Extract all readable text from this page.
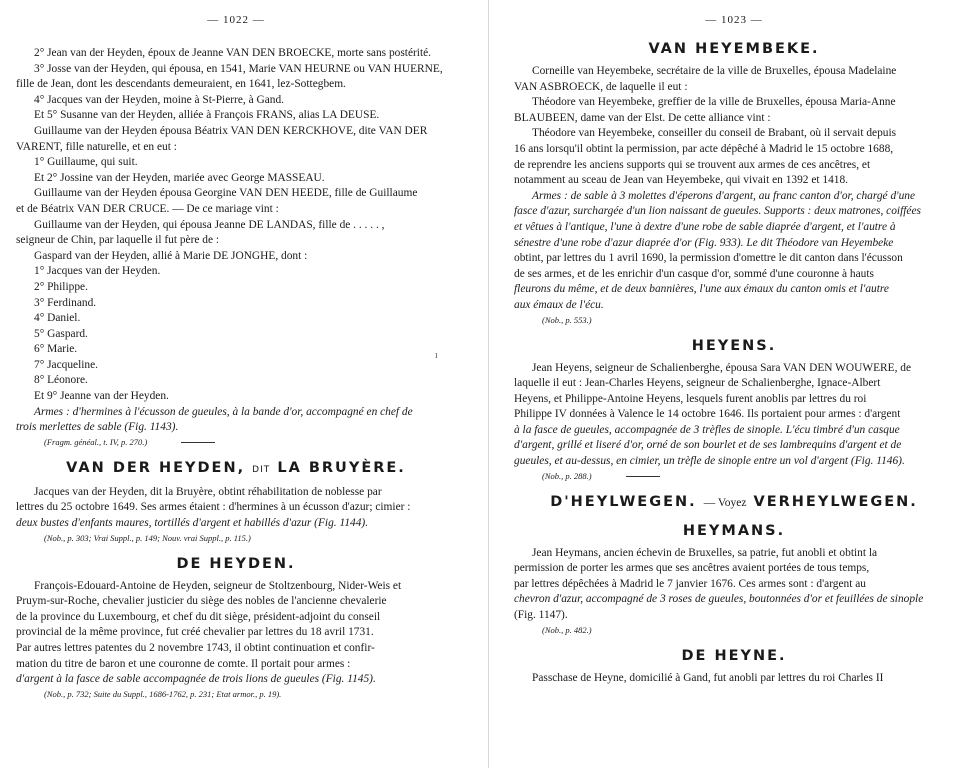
— 1022 —

2° Jean van der Heyden, époux de Jeanne VAN DEN BROECKE, morte sans postérité.

3° Josse van der Heyden, qui épousa, en 1541, Marie VAN HEURNE ou VAN HUERNE,

fille de Jean, dont les descendants demeuraient, en 1641, lez-Sottegbem.

4° Jacques van der Heyden, moine à St-Pierre, à Gand.

Et 5° Susanne van der Heyden, alliée à François FRANS, alias LA DEUSE.

Guillaume van der Heyden épousa Béatrix VAN DEN KERCKHOVE, dite VAN DER

VARENT, fille naturelle, et en eut :

1° Guillaume, qui suit.

Et 2° Jossine van der Heyden, mariée avec George MASSEAU.

Guillaume van der Heyden épousa Georgine VAN DEN HEEDE, fille de Guillaume

et de Béatrix VAN DER CRUCE. — De ce mariage vint :

Guillaume van der Heyden, qui épousa Jeanne DE LANDAS, fille de . . . . . ,

seigneur de Chin, par laquelle il fut père de :

Gaspard van der Heyden, allié à Marie DE JONGHE, dont :

1° Jacques van der Heyden.

2° Philippe.

3° Ferdinand.

4° Daniel.

5° Gaspard.

6° Marie.

7° Jacqueline.

8° Léonore.

Et 9° Jeanne van der Heyden.

Armes : d'hermines à l'écusson de gueules, à la bande d'or, accompagné en chef de

trois merlettes de sable (Fig. 1143).

(Fragm. généal., t. IV, p. 270.)
VAN DER HEYDEN, DIT LA BRUYÈRE.

Jacques van der Heyden, dit la Bruyère, obtint réhabilitation de noblesse par

lettres du 25 octobre 1649. Ses armes étaient : d'hermines à un écusson d'azur; cimier :

deux bustes d'enfants maures, tortillés d'argent et habillés d'azur (Fig. 1144).

(Nob., p. 303; Vrai Suppl., p. 149; Nouv. vrai Suppl., p. 115.)
DE HEYDEN.

François-Edouard-Antoine de Heyden, seigneur de Stoltzenbourg, Nider-Weis et

Pruym-sur-Roche, chevalier justicier du siège des nobles de l'ancienne chevalerie

de la province du Luxembourg, et chef du dit siège, président-adjoint du conseil

provincial de la même province, fut créé chevalier par lettres du 18 avril 1731.

Par autres lettres patentes du 2 novembre 1743, il obtint continuation et confir-

mation du titre de baron et une couronne de comte. Il portait pour armes :

d'argent à la fasce de sable accompagnée de trois lions de gueules (Fig. 1145).

(Nob., p. 732; Suite du Suppl., 1686-1762, p. 231; Etat armor., p. 19).
ı
— 1023 —
VAN HEYEMBEKE.

Corneille van Heyembeke, secrétaire de la ville de Bruxelles, épousa Madelaine

VAN ASBROECK, de laquelle il eut :

Théodore van Heyembeke, greffier de la ville de Bruxelles, épousa Maria-Anne

BLAUBEEN, dame van der Elst. De cette alliance vint :

Théodore van Heyembeke, conseiller du conseil de Brabant, où il servait depuis

16 ans lorsqu'il obtint la permission, par acte dépêché à Madrid le 15 octobre 1688,

de reprendre les anciens supports qui se trouvent aux armes de ces ancêtres, et

notamment au sceau de Jean van Heyembeke, qui vivait en 1392 et 1418.

Armes : de sable à 3 molettes d'éperons d'argent, au franc canton d'or, chargé d'une

fasce d'azur, surchargée d'un lion naissant de gueules. Supports : deux matrones, coiffées

et vêtues à l'antique, l'une à dextre d'une robe de sable diaprée d'argent, et l'autre à

sénestre d'une robe d'azur diaprée d'or (Fig. 933). Le dit Théodore van Heyembeke

obtint, par lettres du 1 avril 1690, la permission d'omettre le dit canton dans l'écusson

de ses armes, et de les enrichir d'un casque d'or, sommé d'une couronne à hauts

fleurons du même, et de deux bannières, l'une aux émaux du canton omis et l'autre

aux émaux de l'écu.

(Nob., p. 553.)
HEYENS.

Jean Heyens, seigneur de Schalienberghe, épousa Sara VAN DEN WOUWERE, de

laquelle il eut : Jean-Charles Heyens, seigneur de Schalienberghe, Ignace-Albert

Heyens, et Philippe-Antoine Heyens, lesquels furent anoblis par lettres du roi

Philippe IV données à Valence le 14 octobre 1646. Ils portaient pour armes : d'argent

à la fasce de gueules, accompagnée de 3 trèfles de sinople. L'écu timbré d'un casque

d'argent, grillé et liseré d'or, orné de son bourlet et de ses lambrequins d'argent et de

gueules, et au-dessus, en cimier, un trèfle de sinople entre un vol d'argent (Fig. 1146).

(Nob., p. 288.)
D'HEYLWEGEN. — Voyez VERHEYLWEGEN.
HEYMANS.

Jean Heymans, ancien échevin de Bruxelles, sa patrie, fut anobli et obtint la

permission de porter les armes que ses ancêtres avaient portées de tous temps,

par lettres dépêchées à Madrid le 7 janvier 1676. Ces armes sont : d'argent au

chevron d'azur, accompagné de 3 roses de gueules, boutonnées d'or et feuillées de sinople

(Fig. 1147).

(Nob., p. 482.)
DE HEYNE.

Passchase de Heyne, domicilié à Gand, fut anobli par lettres du roi Charles II
